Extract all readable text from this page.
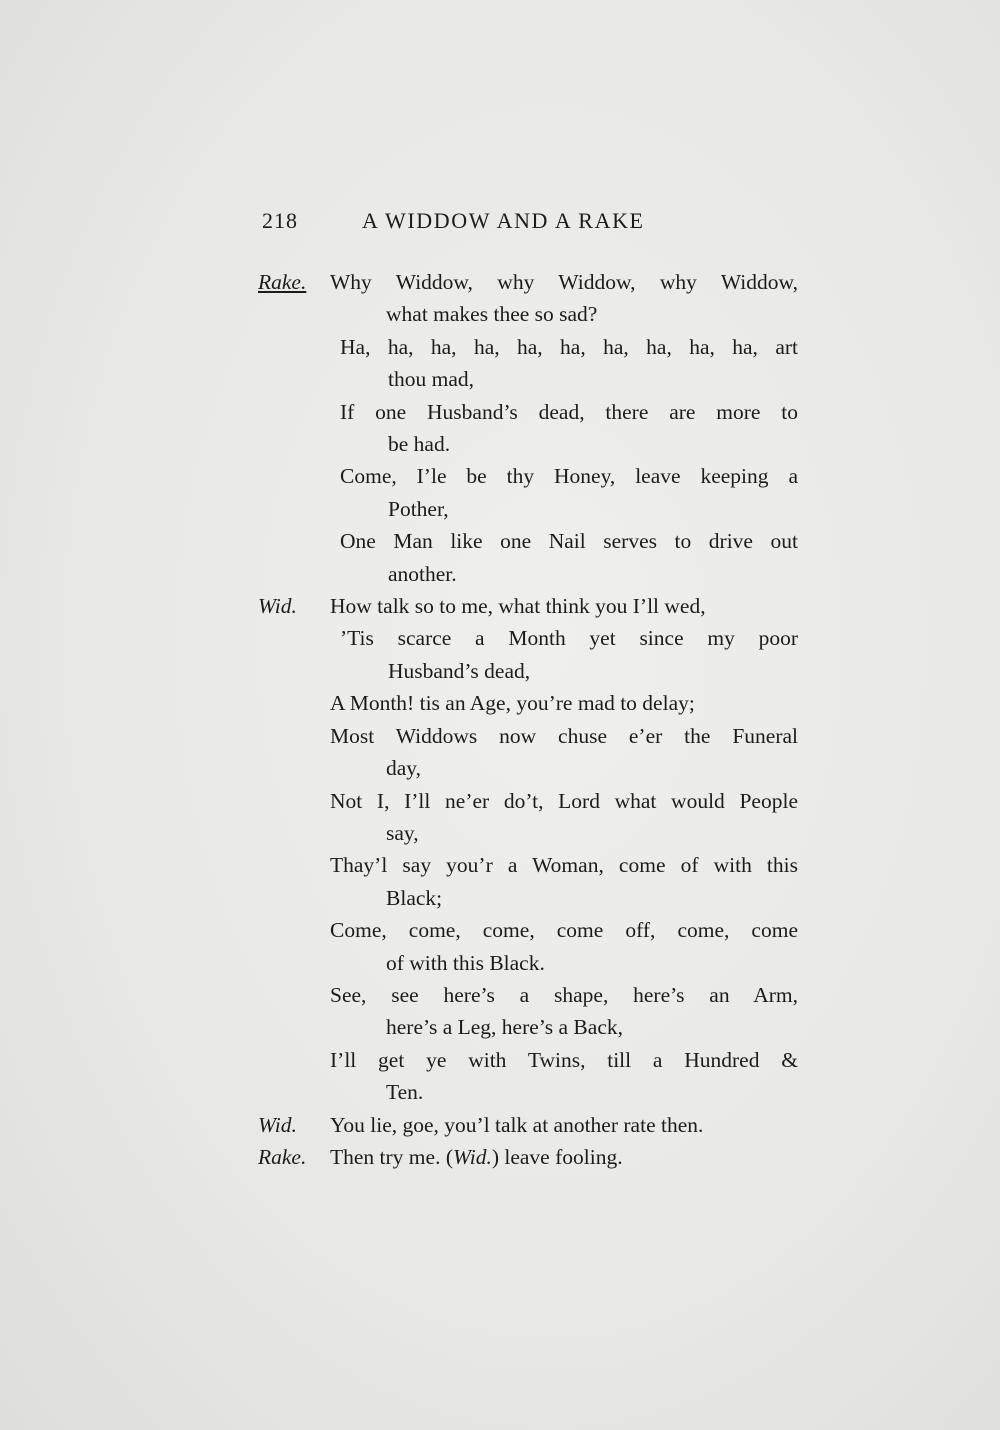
218	A WIDDOW AND A RAKE
Rake.	Why Widdow, why Widdow, why Widdow,
what makes thee so sad?
Ha, ha, ha, ha, ha, ha, ha, ha, ha, ha, art
thou mad,
If one Husband’s dead, there are more to
be had.
Come, I’le be thy Honey, leave keeping a
Pother,
One Man like one Nail serves to drive out
another.
Wid.	How talk so to me, what think you I’ll wed,
’Tis scarce a Month yet since my poor
Husband’s dead,
A Month! tis an Age, you’re mad to delay;
Most Widdows now chuse e’er the Funeral
day,
Not I, I’ll ne’er do’t, Lord what would People
say,
Thay’l say you’r a Woman, come of with this
Black;
Come, come, come, come off, come, come
of with this Black.
See, see here’s a shape, here’s an Arm,
here’s a Leg, here’s a Back,
I’ll get ye with Twins, till a Hundred &
Ten.
Wid.	You lie, goe, you’l talk at another rate then.
Rake.	Then try me. (Wid.) leave fooling.
